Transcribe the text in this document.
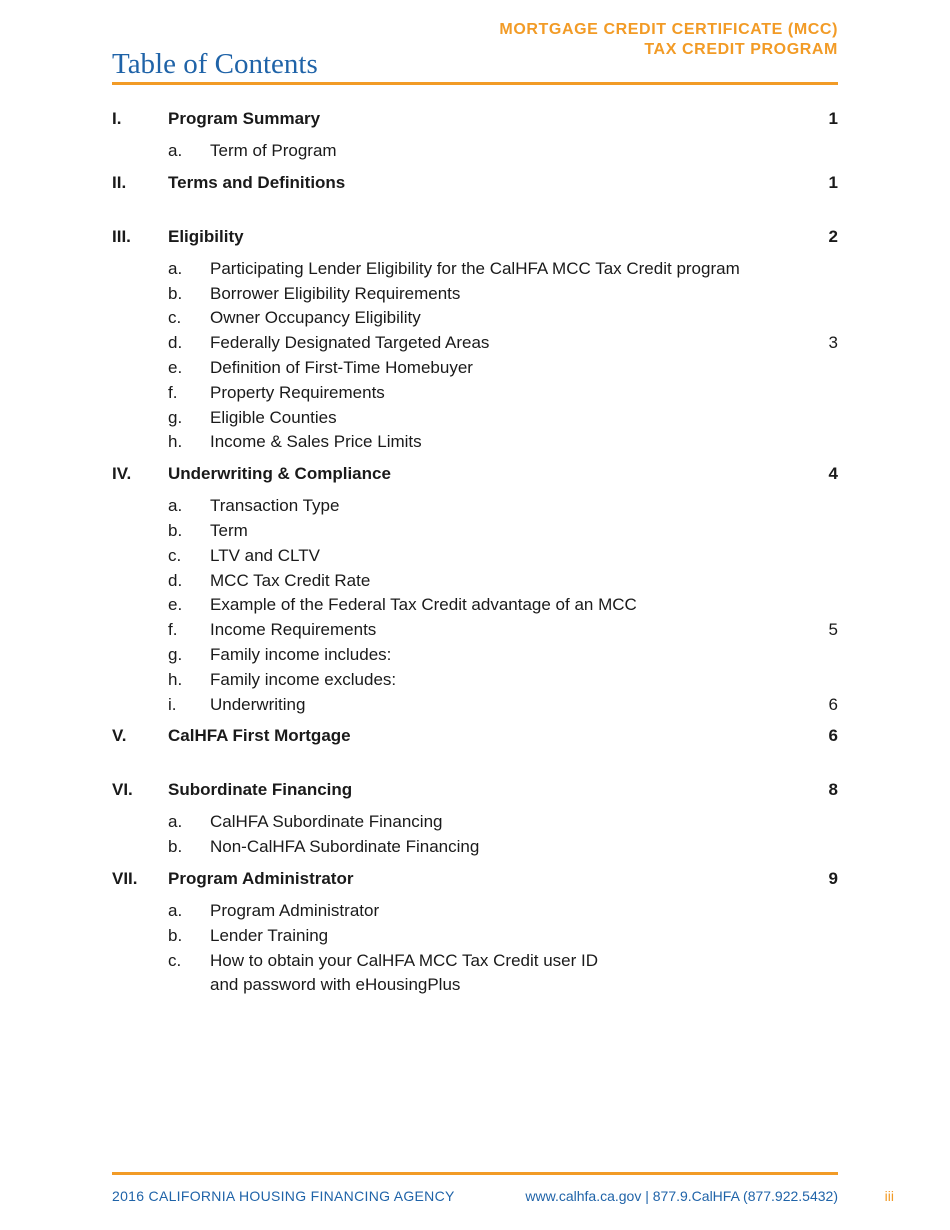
MORTGAGE CREDIT CERTIFICATE (MCC)
TAX CREDIT PROGRAM
Table of Contents
I.	Program Summary	1
a. Term of Program
II. Terms and Definitions	1
III. Eligibility	2
a. Participating Lender Eligibility for the CalHFA MCC Tax Credit program
b. Borrower Eligibility Requirements
c. Owner Occupancy Eligibility
d. Federally Designated Targeted Areas	3
e. Definition of First-Time Homebuyer
f. Property Requirements
g. Eligible Counties
h. Income & Sales Price Limits
IV. Underwriting & Compliance	4
a. Transaction Type
b. Term
c. LTV and CLTV
d. MCC Tax Credit Rate
e. Example of the Federal Tax Credit advantage of an MCC
f. Income Requirements	5
g. Family income includes:
h. Family income excludes:
i. Underwriting	6
V. CalHFA First Mortgage	6
VI. Subordinate Financing	8
a. CalHFA Subordinate Financing
b. Non-CalHFA Subordinate Financing
VII. Program Administrator	9
a. Program Administrator
b. Lender Training
c. How to obtain your CalHFA MCC Tax Credit user ID
and password with eHousingPlus
2016 CALIFORNIA HOUSING FINANCING AGENCY	www.calhfa.ca.gov | 877.9.CalHFA (877.922.5432)	iii
